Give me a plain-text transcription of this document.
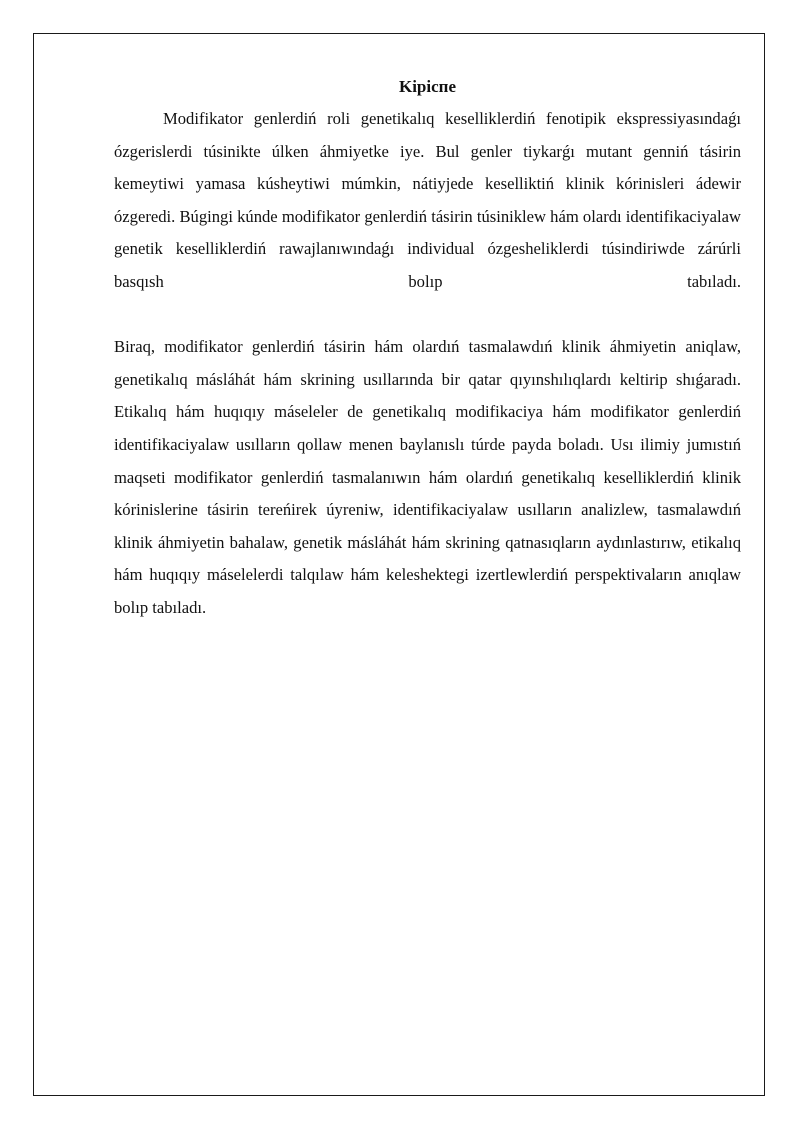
Kipicпe

Modifikator genlerdiń roli genetikalıq keselliklerdiń fenotipik ekspressiyasındaǵı ózgerislerdi túsinikte úlken áhmiyetke iye. Bul genler tiykarǵı mutant genniń tásirin kemeytiwi yamasa kúsheytiwi múmkin, nátiyjede keselliktiń klinik kórinisleri ádewir ózgeredi. Búgingi kúnde modifikator genlerdiń tásirin túsiniklew hám olardı identifikaciyalaw genetik keselliklerdiń rawajlanıwındaǵı individual ózgesheliklerdi túsindiriwde zárúrli basqısh bolıp tabıladı.

Biraq, modifikator genlerdiń tásirin hám olardıń tasmalawdıń klinik áhmiyetin aniqlaw, genetikalıq másláhát hám skrining usıllarında bir qatar qıyınshılıqlardı keltirip shıǵaradı. Etikalıq hám huqıqıy máseleler de genetikalıq modifikaciya hám modifikator genlerdiń identifikaciyalaw usılların qollaw menen baylanıslı túrde payda boladı. Usı ilimiy jumıstıń maqseti modifikator genlerdiń tasmalanıwın hám olardıń genetikalıq keselliklerdiń klinik kórinislerine tásirin tereńirek úyreniw, identifikaciyalaw usılların analizlew, tasmalawdıń klinik áhmiyetin bahalaw, genetik másláhát hám skrining qatnasıqların aydınlastırıw, etikalıq hám huqıqıy máselelerdi talqılaw hám keleshektegi izertlewlerdiń perspektivaların anıqlaw bolıp tabıladı.
